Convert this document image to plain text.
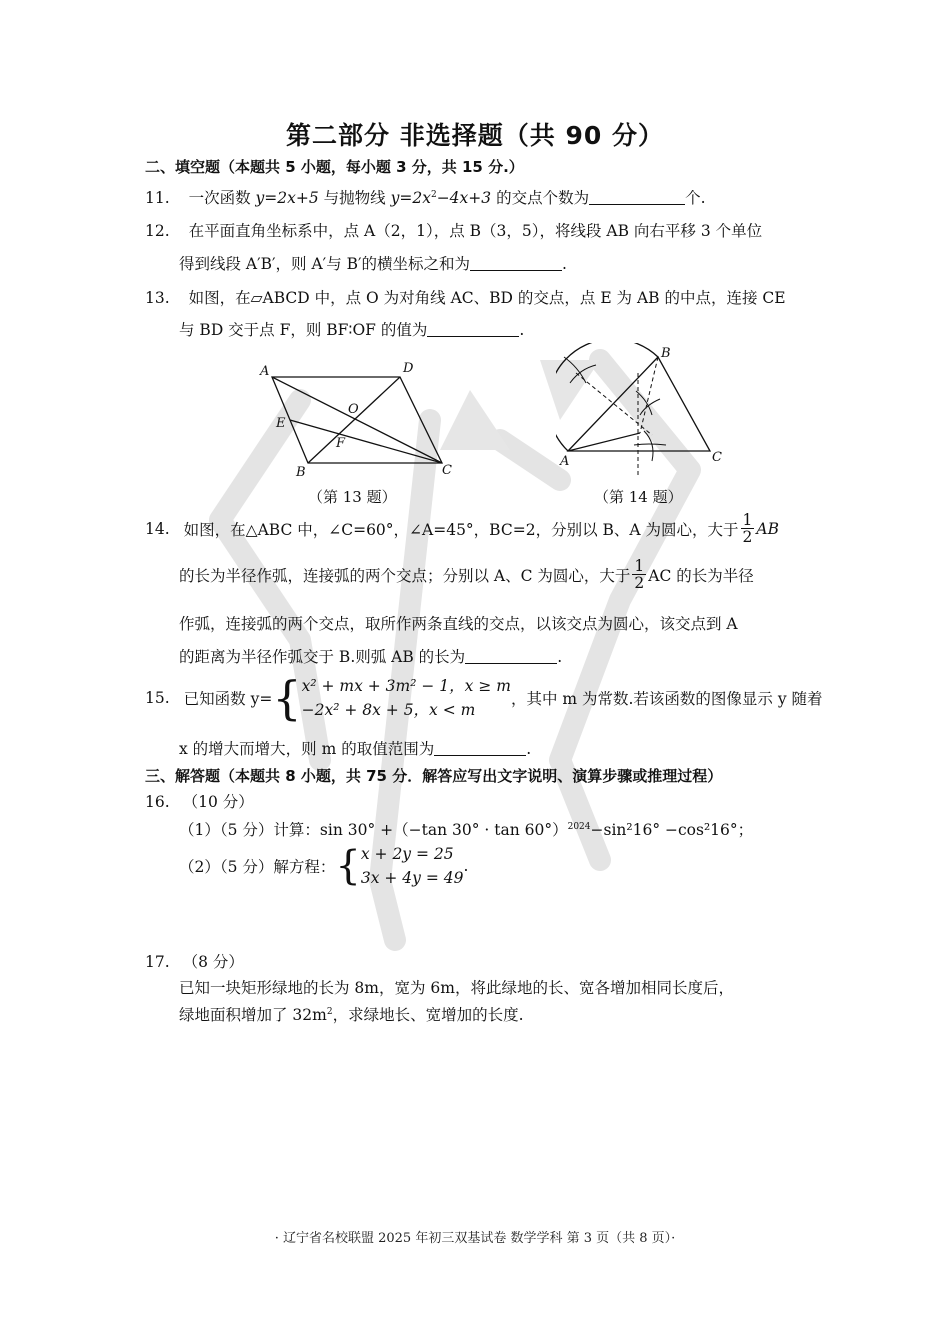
第二部分 非选择题（共 90 分）
二、填空题（本题共 5 小题，每小题 3 分，共 15 分.）
11. 一次函数 y=2x+5 与抛物线 $y=2x^2-4x+3$ 的交点个数为	个.
12. 在平面直角坐标系中，点 A（2，1），点 B（3，5），将线段 AB 向右平移 3 个单位
得到线段 A′B′，则 A′与 B′的横坐标之和为	.
13. 如图，在▱ABCD 中，点 O 为对角线 AC、BD 的交点，点 E 为 AB 的中点，连接 CE
与 BD 交于点 F，则 BF∶OF 的值为	.
A	D
E
O
F
B	C
（第 13 题）
B
A	C
（第 14 题）
14. 如图，在△ABC 中，∠C=60°，∠A=45°，BC=2，分别以 B、A 为圆心，大于 $\frac{1}{2}$ AB
的长为半径作弧，连接弧的两个交点；分别以 A、C 为圆心，大于 $\frac{1}{2}$ AC 的长为半径
作弧，连接弧的两个交点，取所作两条直线的交点，以该交点为圆心，该交点到 A
的距离为半径作弧交于 B.则弧 AB 的长为	.
15. 已知函数 y= { x² + mx + 3m² − 1，x ≥ m
−2x² + 8x + 5，x < m
，其中 m 为常数.若该函数的图像显示 y 随着
x 的增大而增大，则 m 的取值范围为	.
三、解答题（本题共 8 小题，共 75 分．解答应写出文字说明、演算步骤或推理过程）
16. （10 分）
（1）（5 分）计算：sin 30° +（−tan 30° · tan 60°）$^{2024}$−sin²16° −cos²16°；
（2）（5 分）解方程： { x + 2y = 25
3x + 4y = 49
.
17. （8 分）
已知一块矩形绿地的长为 8m，宽为 6m，将此绿地的长、宽各增加相同长度后，
绿地面积增加了 $32m^2$，求绿地长、宽增加的长度.
· 辽宁省名校联盟 2025 年初三双基试卷 数学学科 第 3 页（共 8 页）·
